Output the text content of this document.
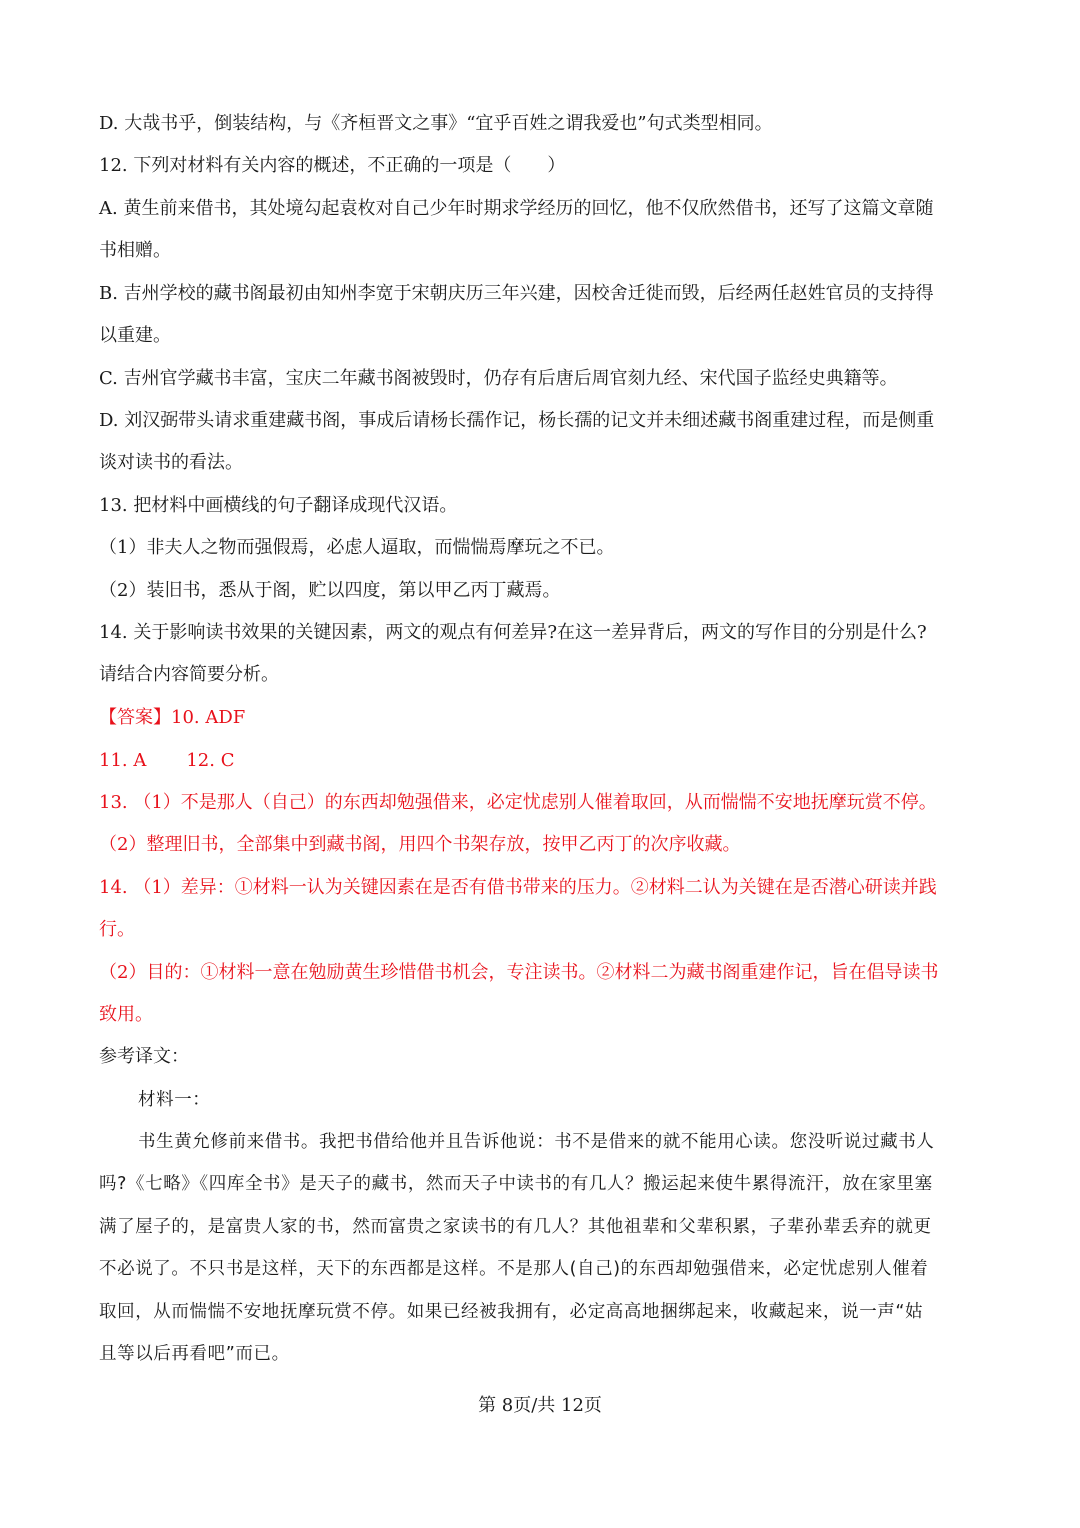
D. 大哉书乎，倒装结构，与《齐桓晋文之事》“宜乎百姓之谓我爱也”句式类型相同。
12. 下列对材料有关内容的概述，不正确的一项是（　　）
A. 黄生前来借书，其处境勾起袁枚对自己少年时期求学经历的回忆，他不仅欣然借书，还写了这篇文章随
书相赠。
B. 吉州学校的藏书阁最初由知州李宽于宋朝庆历三年兴建，因校舍迁徙而毁，后经两任赵姓官员的支持得
以重建。
C. 吉州官学藏书丰富，宝庆二年藏书阁被毁时，仍存有后唐后周官刻九经、宋代国子监经史典籍等。
D. 刘汉弼带头请求重建藏书阁，事成后请杨长孺作记，杨长孺的记文并未细述藏书阁重建过程，而是侧重
谈对读书的看法。
13. 把材料中画横线的句子翻译成现代汉语。
（1）非夫人之物而强假焉，必虑人逼取，而惴惴焉摩玩之不已。
（2）装旧书，悉从于阁，贮以四度，第以甲乙丙丁藏焉。
14. 关于影响读书效果的关键因素，两文的观点有何差异?在这一差异背后，两文的写作目的分别是什么?
请结合内容简要分析。
【答案】10. ADF
11. A 12. C
13. （1）不是那人（自己）的东西却勉强借来，必定忧虑别人催着取回，从而惴惴不安地抚摩玩赏不停。
（2）整理旧书，全部集中到藏书阁，用四个书架存放，按甲乙丙丁的次序收藏。
14. （1）差异：①材料一认为关键因素在是否有借书带来的压力。②材料二认为关键在是否潜心研读并践
行。
（2）目的：①材料一意在勉励黄生珍惜借书机会，专注读书。②材料二为藏书阁重建作记，旨在倡导读书
致用。
参考译文：
材料一：
书生黄允修前来借书。我把书借给他并且告诉他说：书不是借来的就不能用心读。您没听说过藏书人
吗?《七略》《四库全书》是天子的藏书，然而天子中读书的有几人？搬运起来使牛累得流汗，放在家里塞
满了屋子的，是富贵人家的书，然而富贵之家读书的有几人？其他祖辈和父辈积累，子辈孙辈丢弃的就更
不必说了。不只书是这样，天下的东西都是这样。不是那人(自己)的东西却勉强借来，必定忧虑别人催着
取回，从而惴惴不安地抚摩玩赏不停。如果已经被我拥有，必定高高地捆绑起来，收藏起来，说一声“姑
且等以后再看吧”而已。
第 8页/共 12页
